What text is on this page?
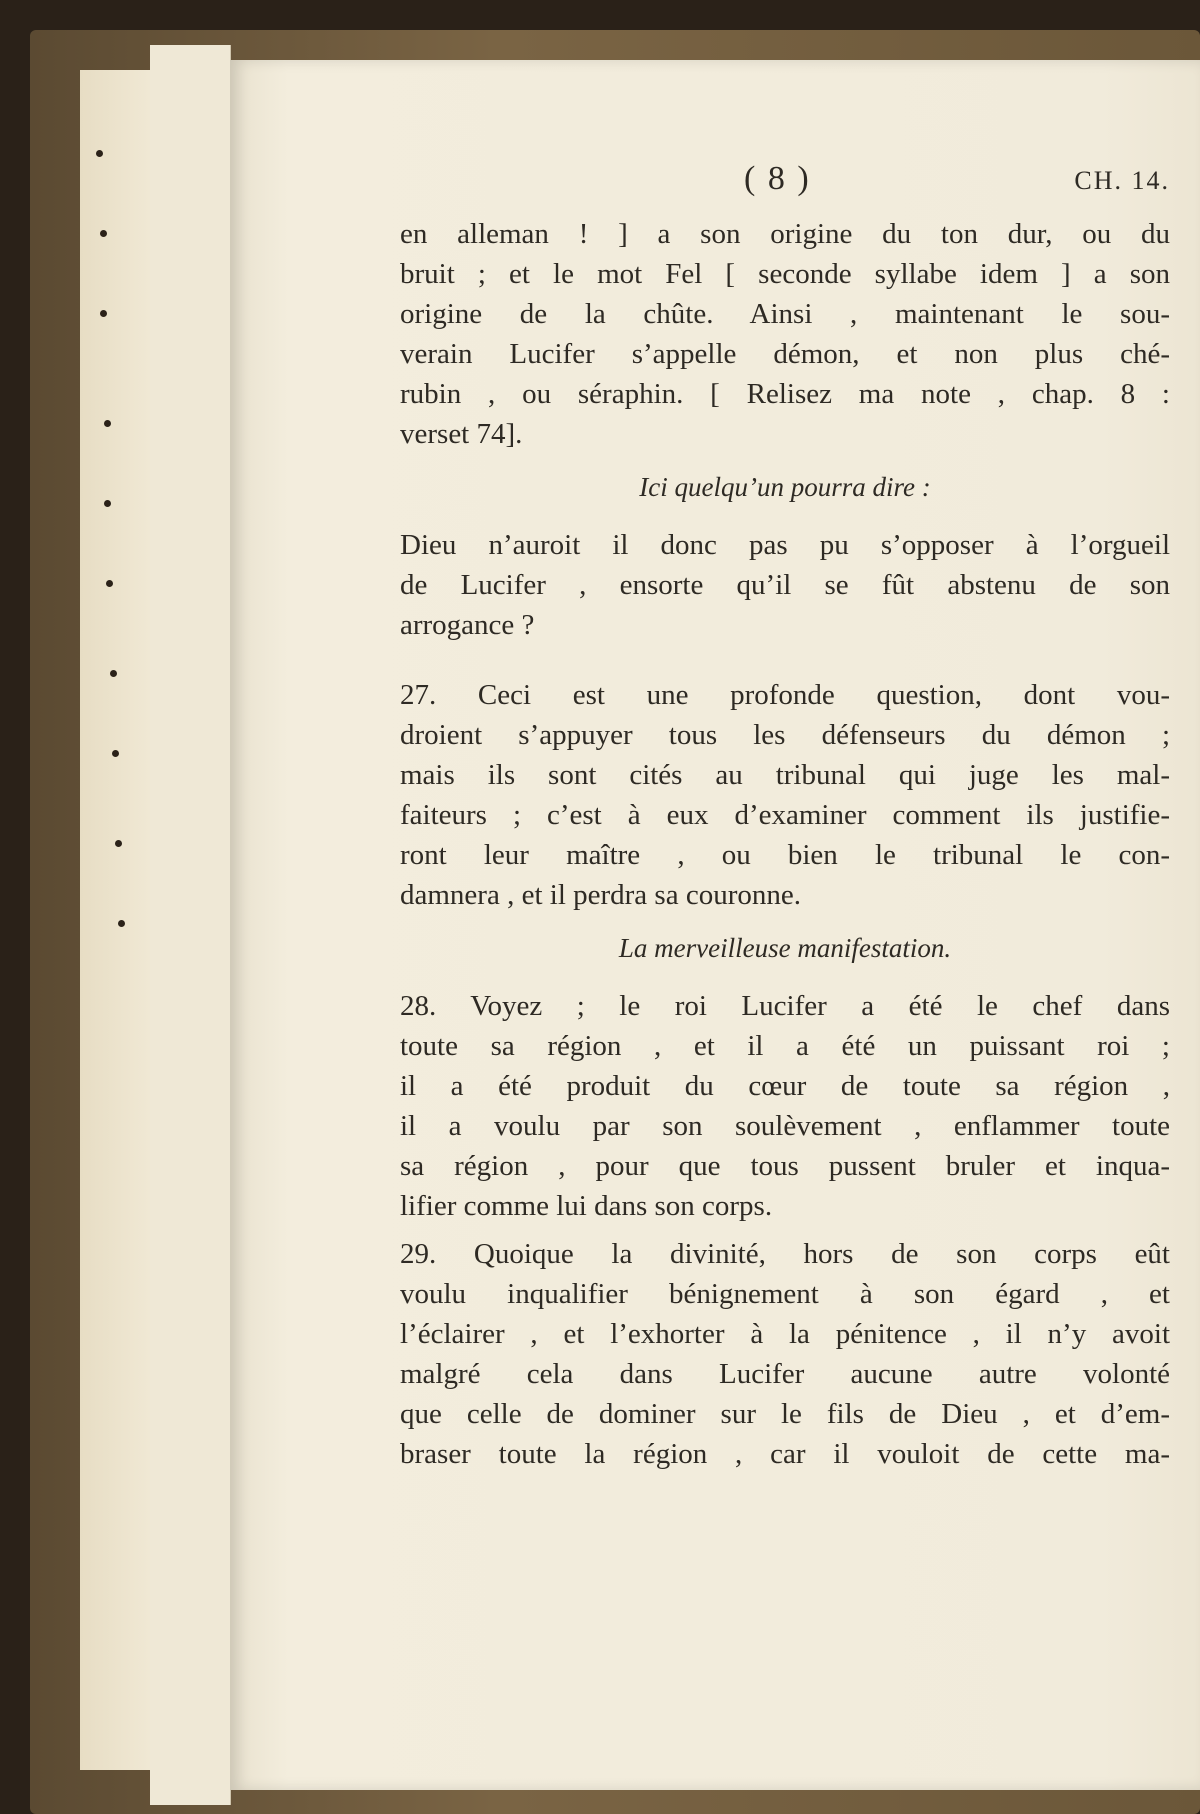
( 8 )	CH. 14.
en alleman ! ] a son origine du ton dur, ou du
bruit ; et le mot Fel [ seconde syllabe idem ] a son
origine de la chûte. Ainsi , maintenant le sou-
verain Lucifer s’appelle démon, et non plus ché-
rubin , ou séraphin. [ Relisez ma note , chap. 8 :
verset 74].
Ici quelqu’un pourra dire :
Dieu n’auroit il donc pas pu s’opposer à l’orgueil
de Lucifer , ensorte qu’il se fût abstenu de son
arrogance ?
27. Ceci est une profonde question, dont vou-
droient s’appuyer tous les défenseurs du démon ;
mais ils sont cités au tribunal qui juge les mal-
faiteurs ; c’est à eux d’examiner comment ils justifie-
ront leur maître , ou bien le tribunal le con-
damnera , et il perdra sa couronne.
La merveilleuse manifestation.
28. Voyez ; le roi Lucifer a été le chef dans
toute sa région , et il a été un puissant roi ;
il a été produit du cœur de toute sa région ,
il a voulu par son soulèvement , enflammer toute
sa région , pour que tous pussent bruler et inqua-
lifier comme lui dans son corps.
29. Quoique la divinité, hors de son corps eût
voulu inqualifier bénignement à son égard , et
l’éclairer , et l’exhorter à la pénitence , il n’y avoit
malgré cela dans Lucifer aucune autre volonté
que celle de dominer sur le fils de Dieu , et d’em-
braser toute la région , car il vouloit de cette ma-
